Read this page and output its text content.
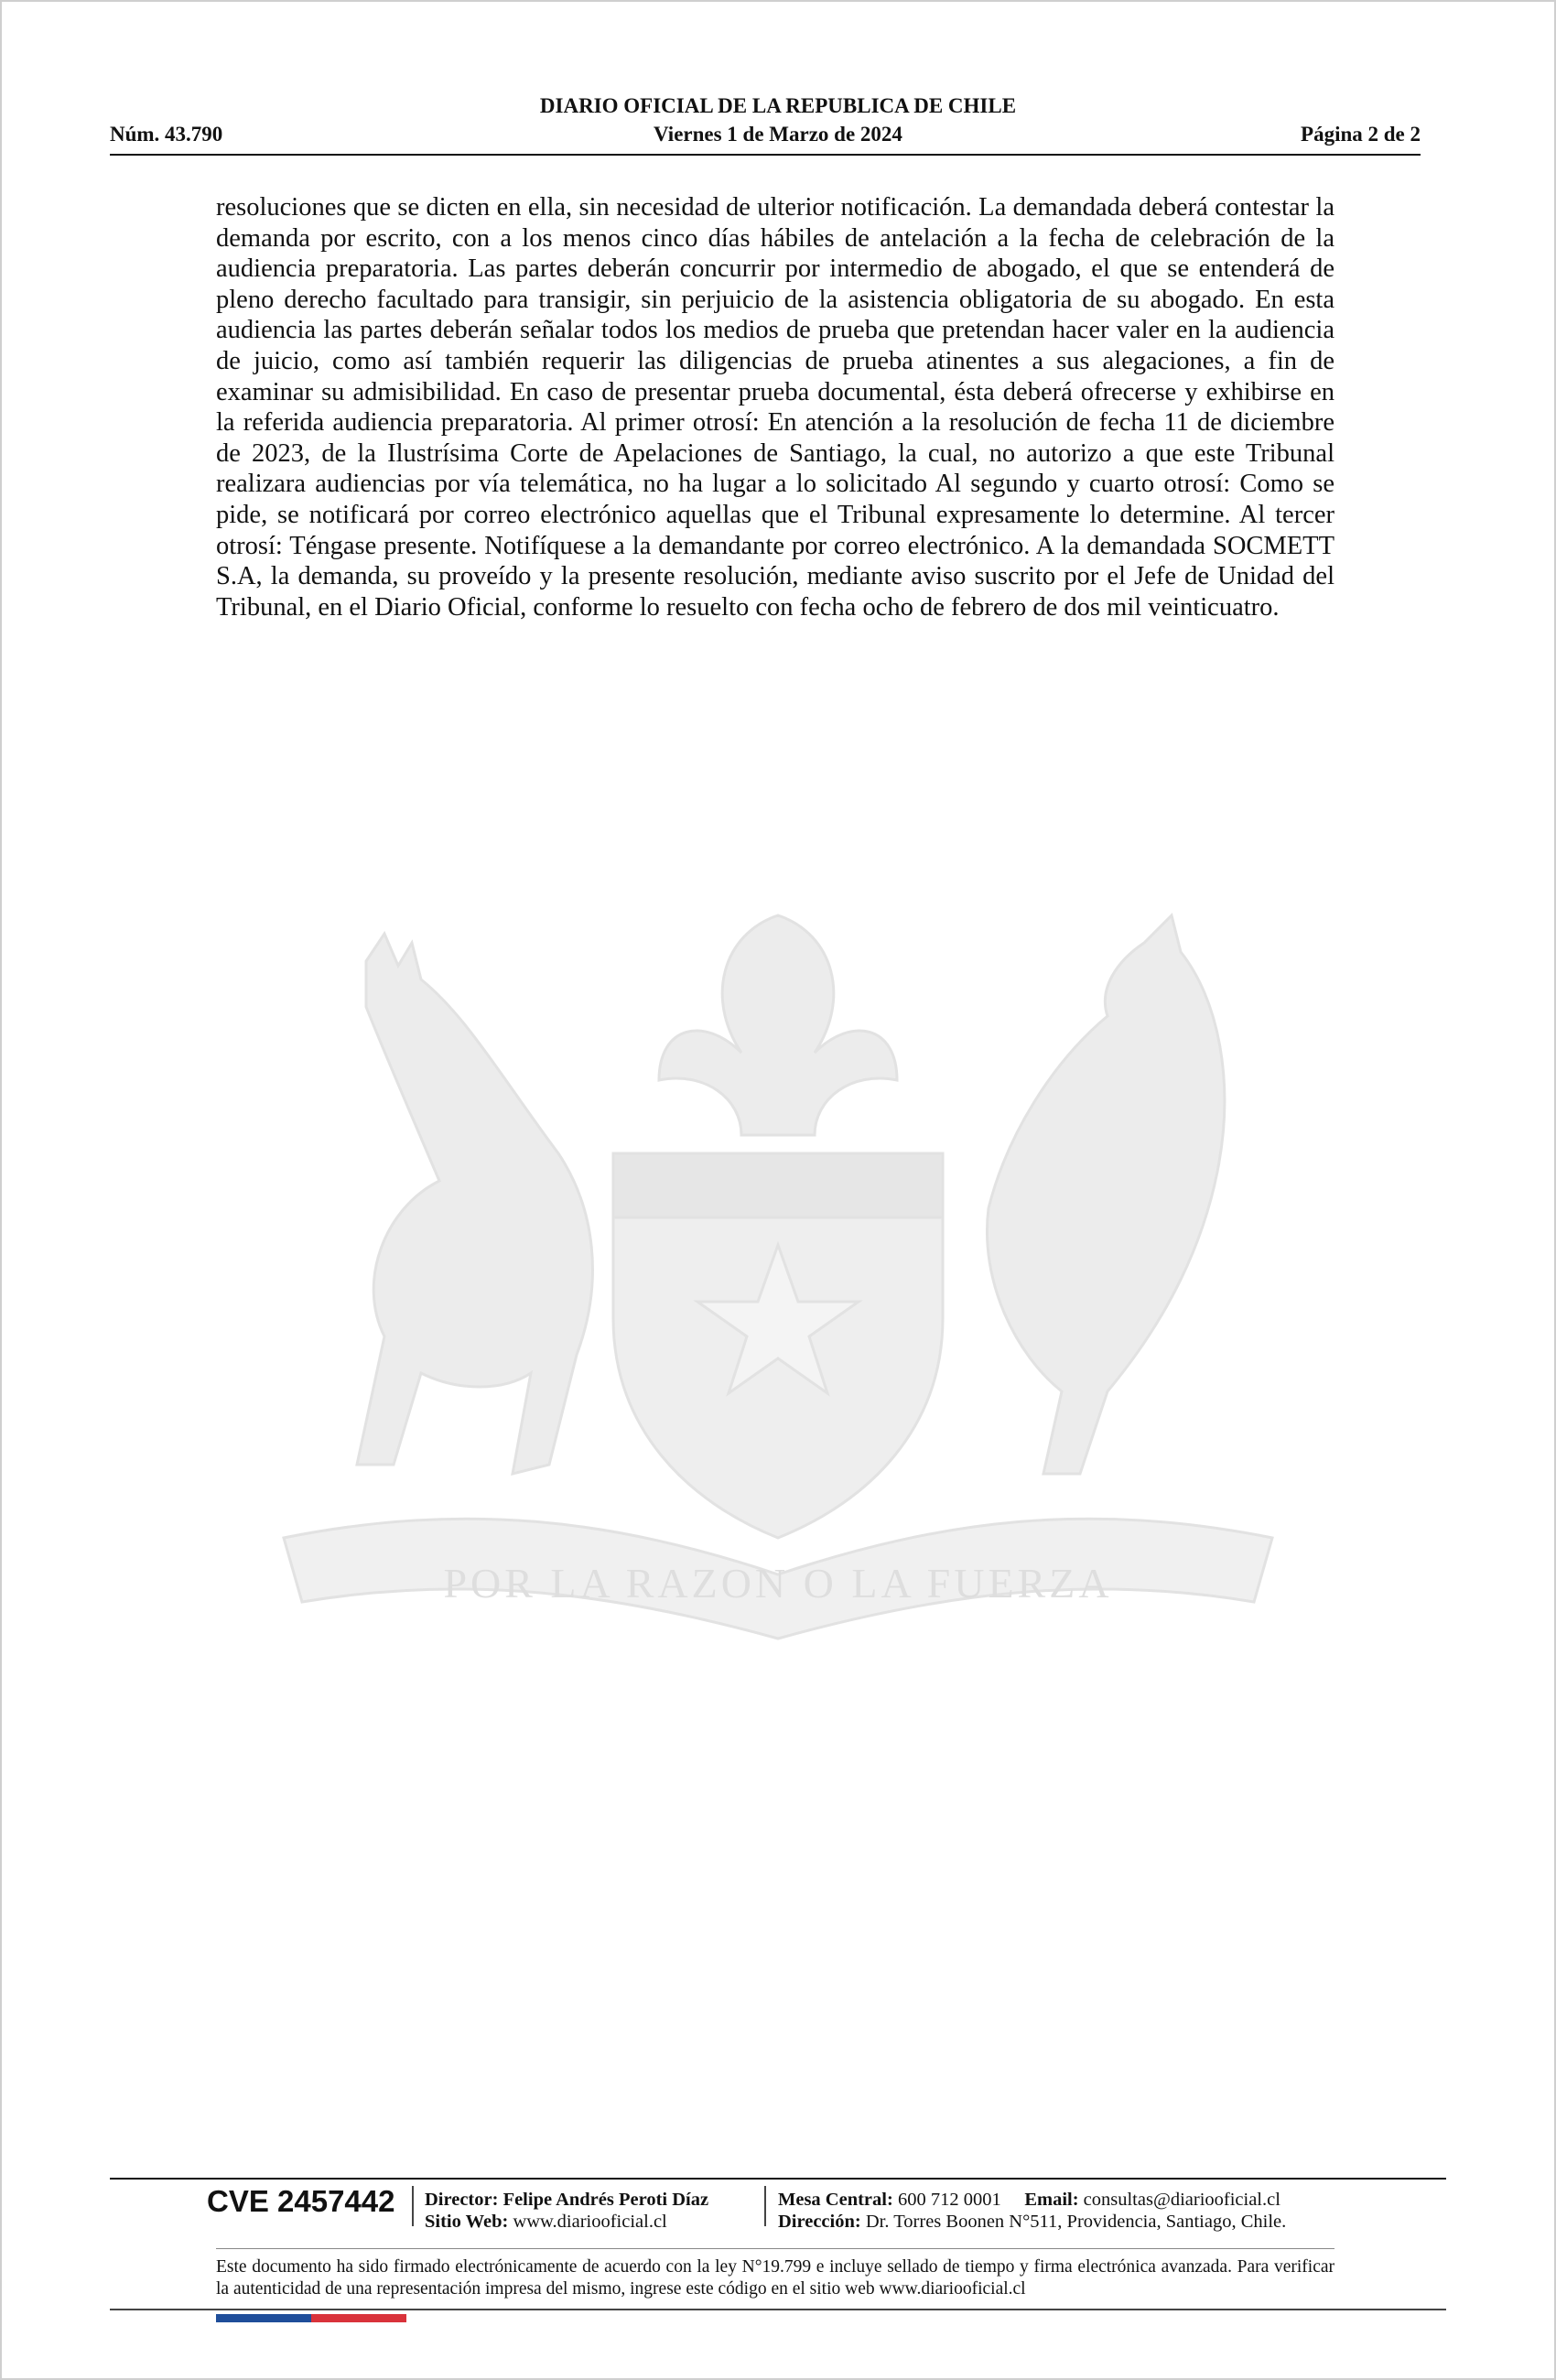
DIARIO OFICIAL DE LA REPUBLICA DE CHILE
Núm. 43.790	Viernes 1 de Marzo de 2024	Página 2 de 2
POR LA RAZON O LA FUERZA

resoluciones que se dicten en ella, sin necesidad de ulterior notificación. La demandada deberá contestar la demanda por escrito, con a los menos cinco días hábiles de antelación a la fecha de celebración de la audiencia preparatoria. Las partes deberán concurrir por intermedio de abogado, el que se entenderá de pleno derecho facultado para transigir, sin perjuicio de la asistencia obligatoria de su abogado. En esta audiencia las partes deberán señalar todos los medios de prueba que pretendan hacer valer en la audiencia de juicio, como así también requerir las diligencias de prueba atinentes a sus alegaciones, a fin de examinar su admisibilidad. En caso de presentar prueba documental, ésta deberá ofrecerse y exhibirse en la referida audiencia preparatoria. Al primer otrosí: En atención a la resolución de fecha 11 de diciembre de 2023, de la Ilustrísima Corte de Apelaciones de Santiago, la cual, no autorizo a que este Tribunal realizara audiencias por vía telemática, no ha lugar a lo solicitado Al segundo y cuarto otrosí: Como se pide, se notificará por correo electrónico aquellas que el Tribunal expresamente lo determine. Al tercer otrosí: Téngase presente. Notifíquese a la demandante por correo electrónico. A la demandada SOCMETT S.A, la demanda, su proveído y la presente resolución, mediante aviso suscrito por el Jefe de Unidad del Tribunal, en el Diario Oficial, conforme lo resuelto con fecha ocho de febrero de dos mil veinticuatro.

CVE 2457442 Director: Felipe Andrés Peroti Díaz
Sitio Web: www.diariooficial.cl
Mesa Central: 600 712 0001 Email: consultas@diariooficial.cl
Dirección: Dr. Torres Boonen N°511, Providencia, Santiago, Chile.

Este documento ha sido firmado electrónicamente de acuerdo con la ley N°19.799 e incluye sellado de tiempo y firma electrónica avanzada. Para verificar la autenticidad de una representación impresa del mismo, ingrese este código en el sitio web www.diariooficial.cl
